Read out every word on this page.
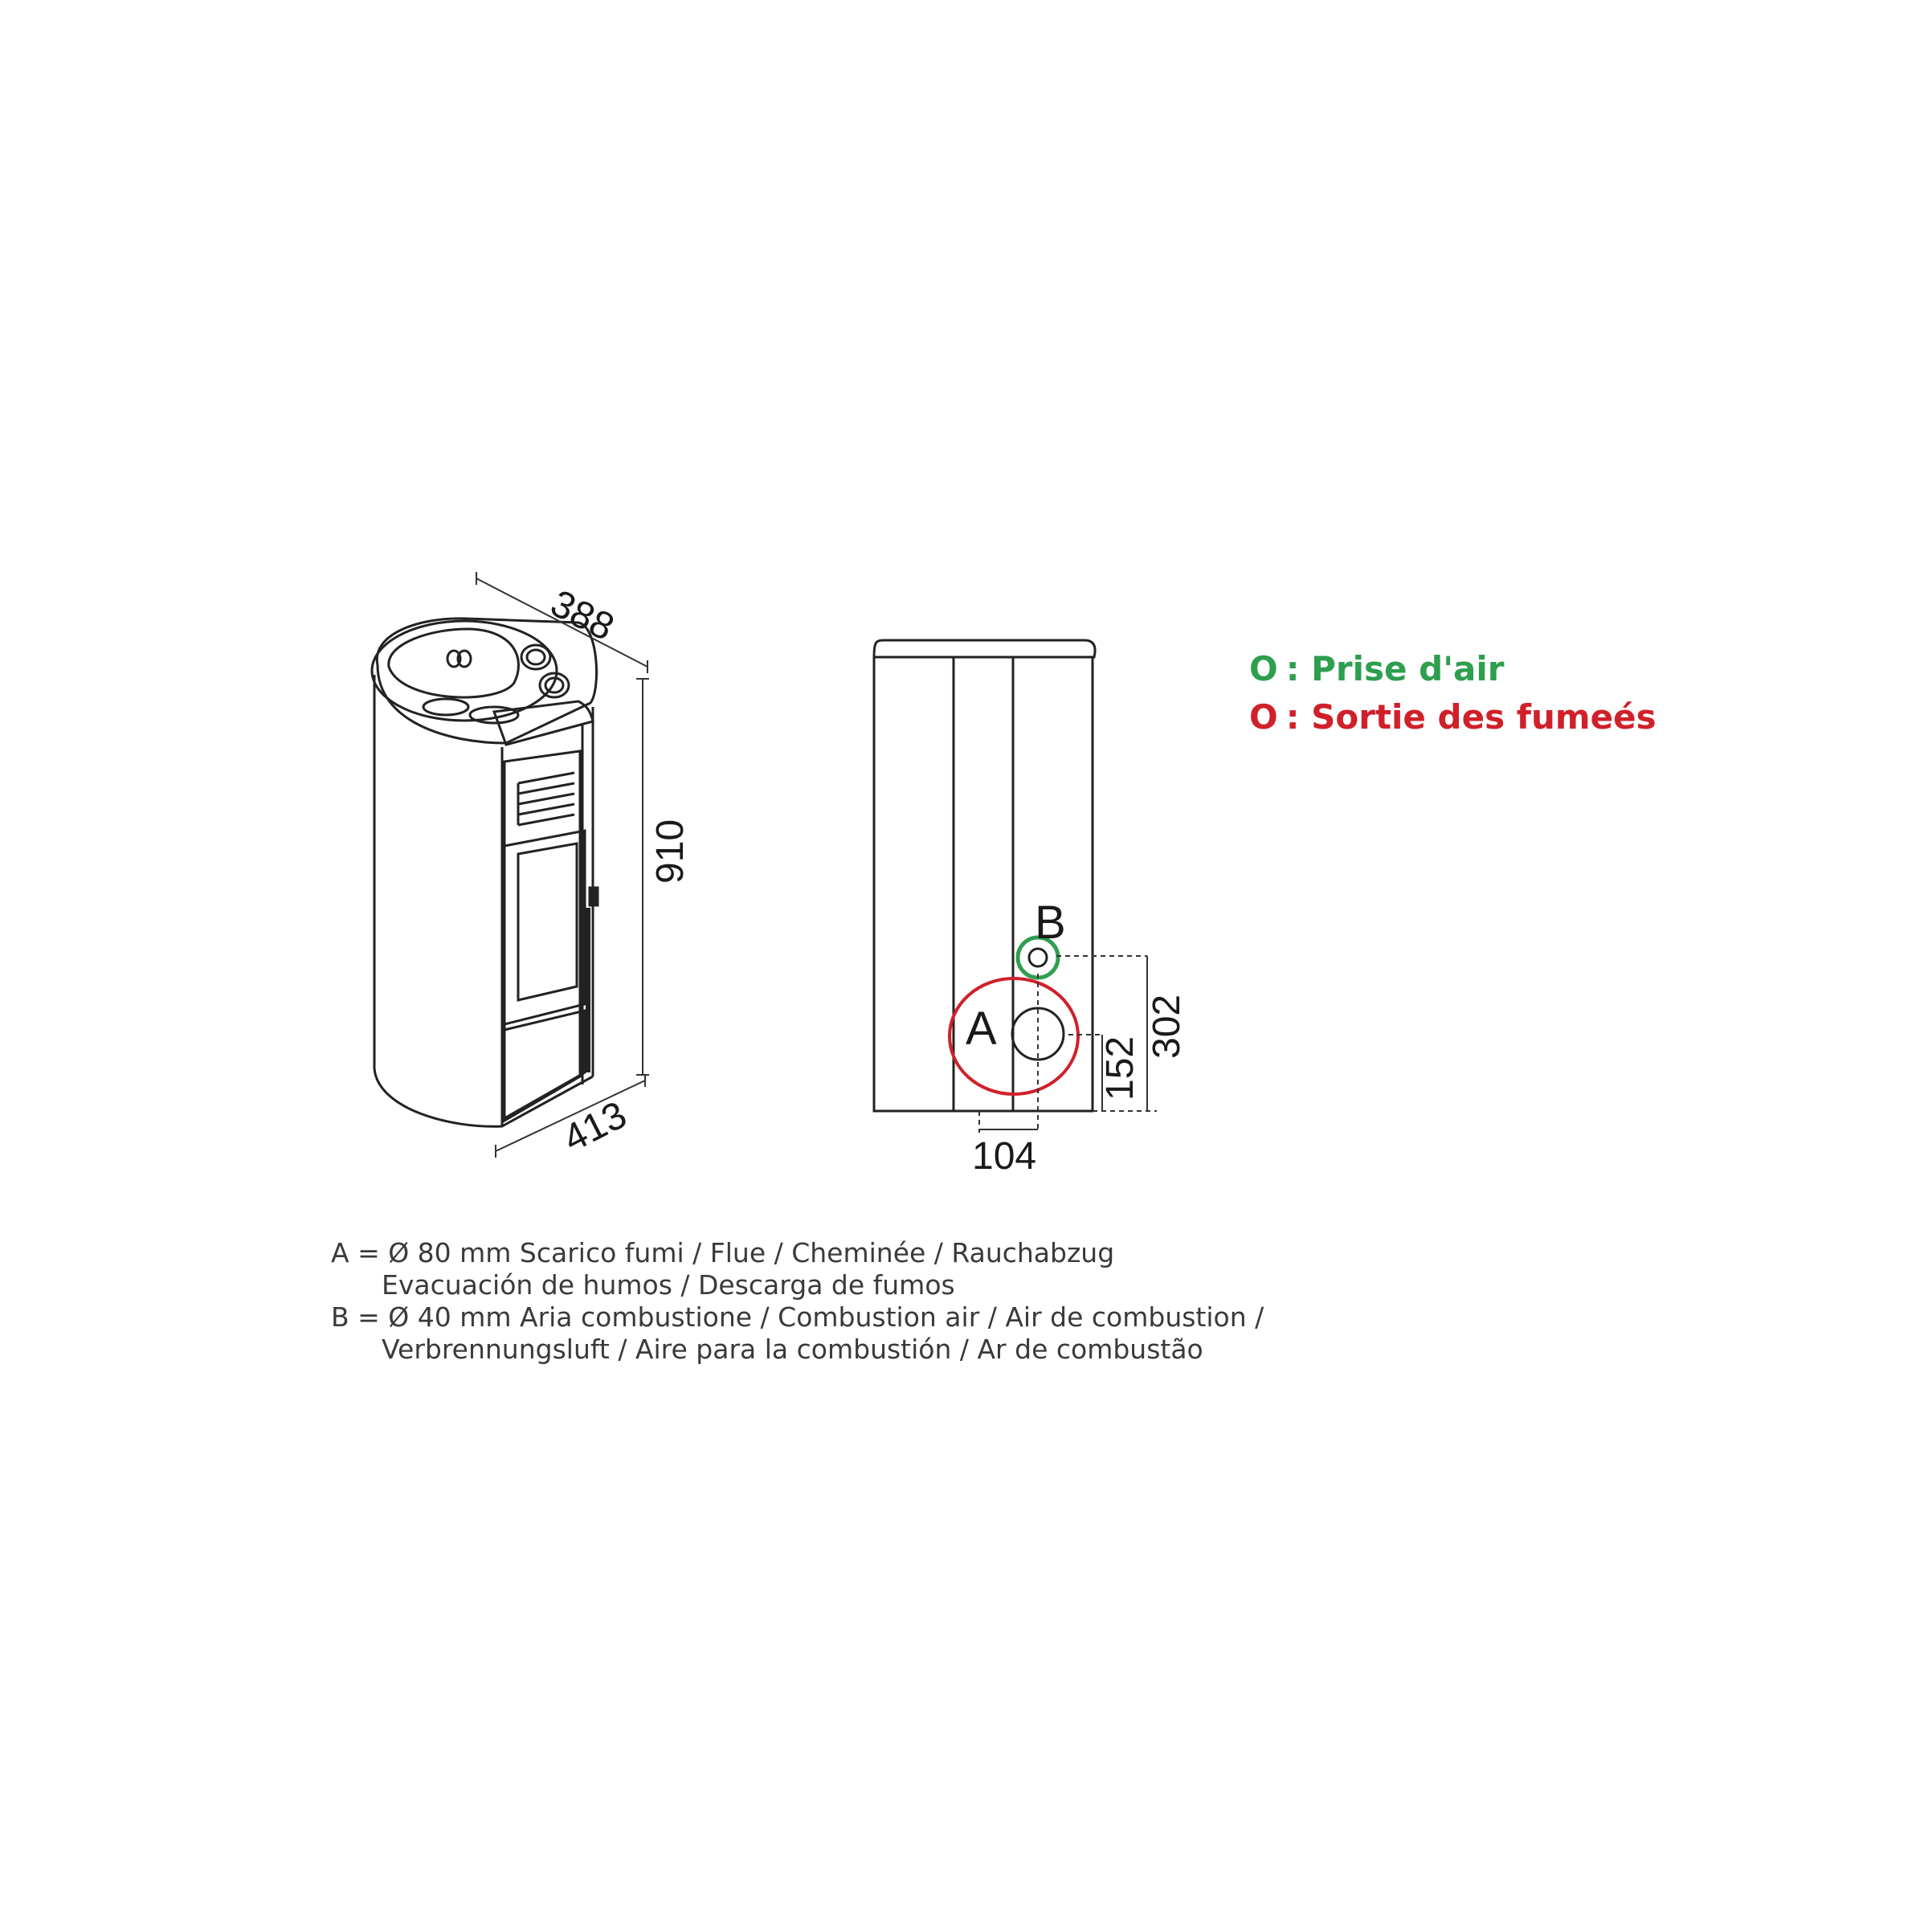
388
910
413
A
B
302
152
104
O : Prise d'air
O : Sortie des fumeés
A = Ø 80 mm Scarico fumi / Flue / Cheminée / Rauchabzug
Evacuación de humos / Descarga de fumos
B = Ø 40 mm Aria combustione / Combustion air / Air de combustion /
Verbrennungsluft / Aire para la combustión / Ar de combustão
